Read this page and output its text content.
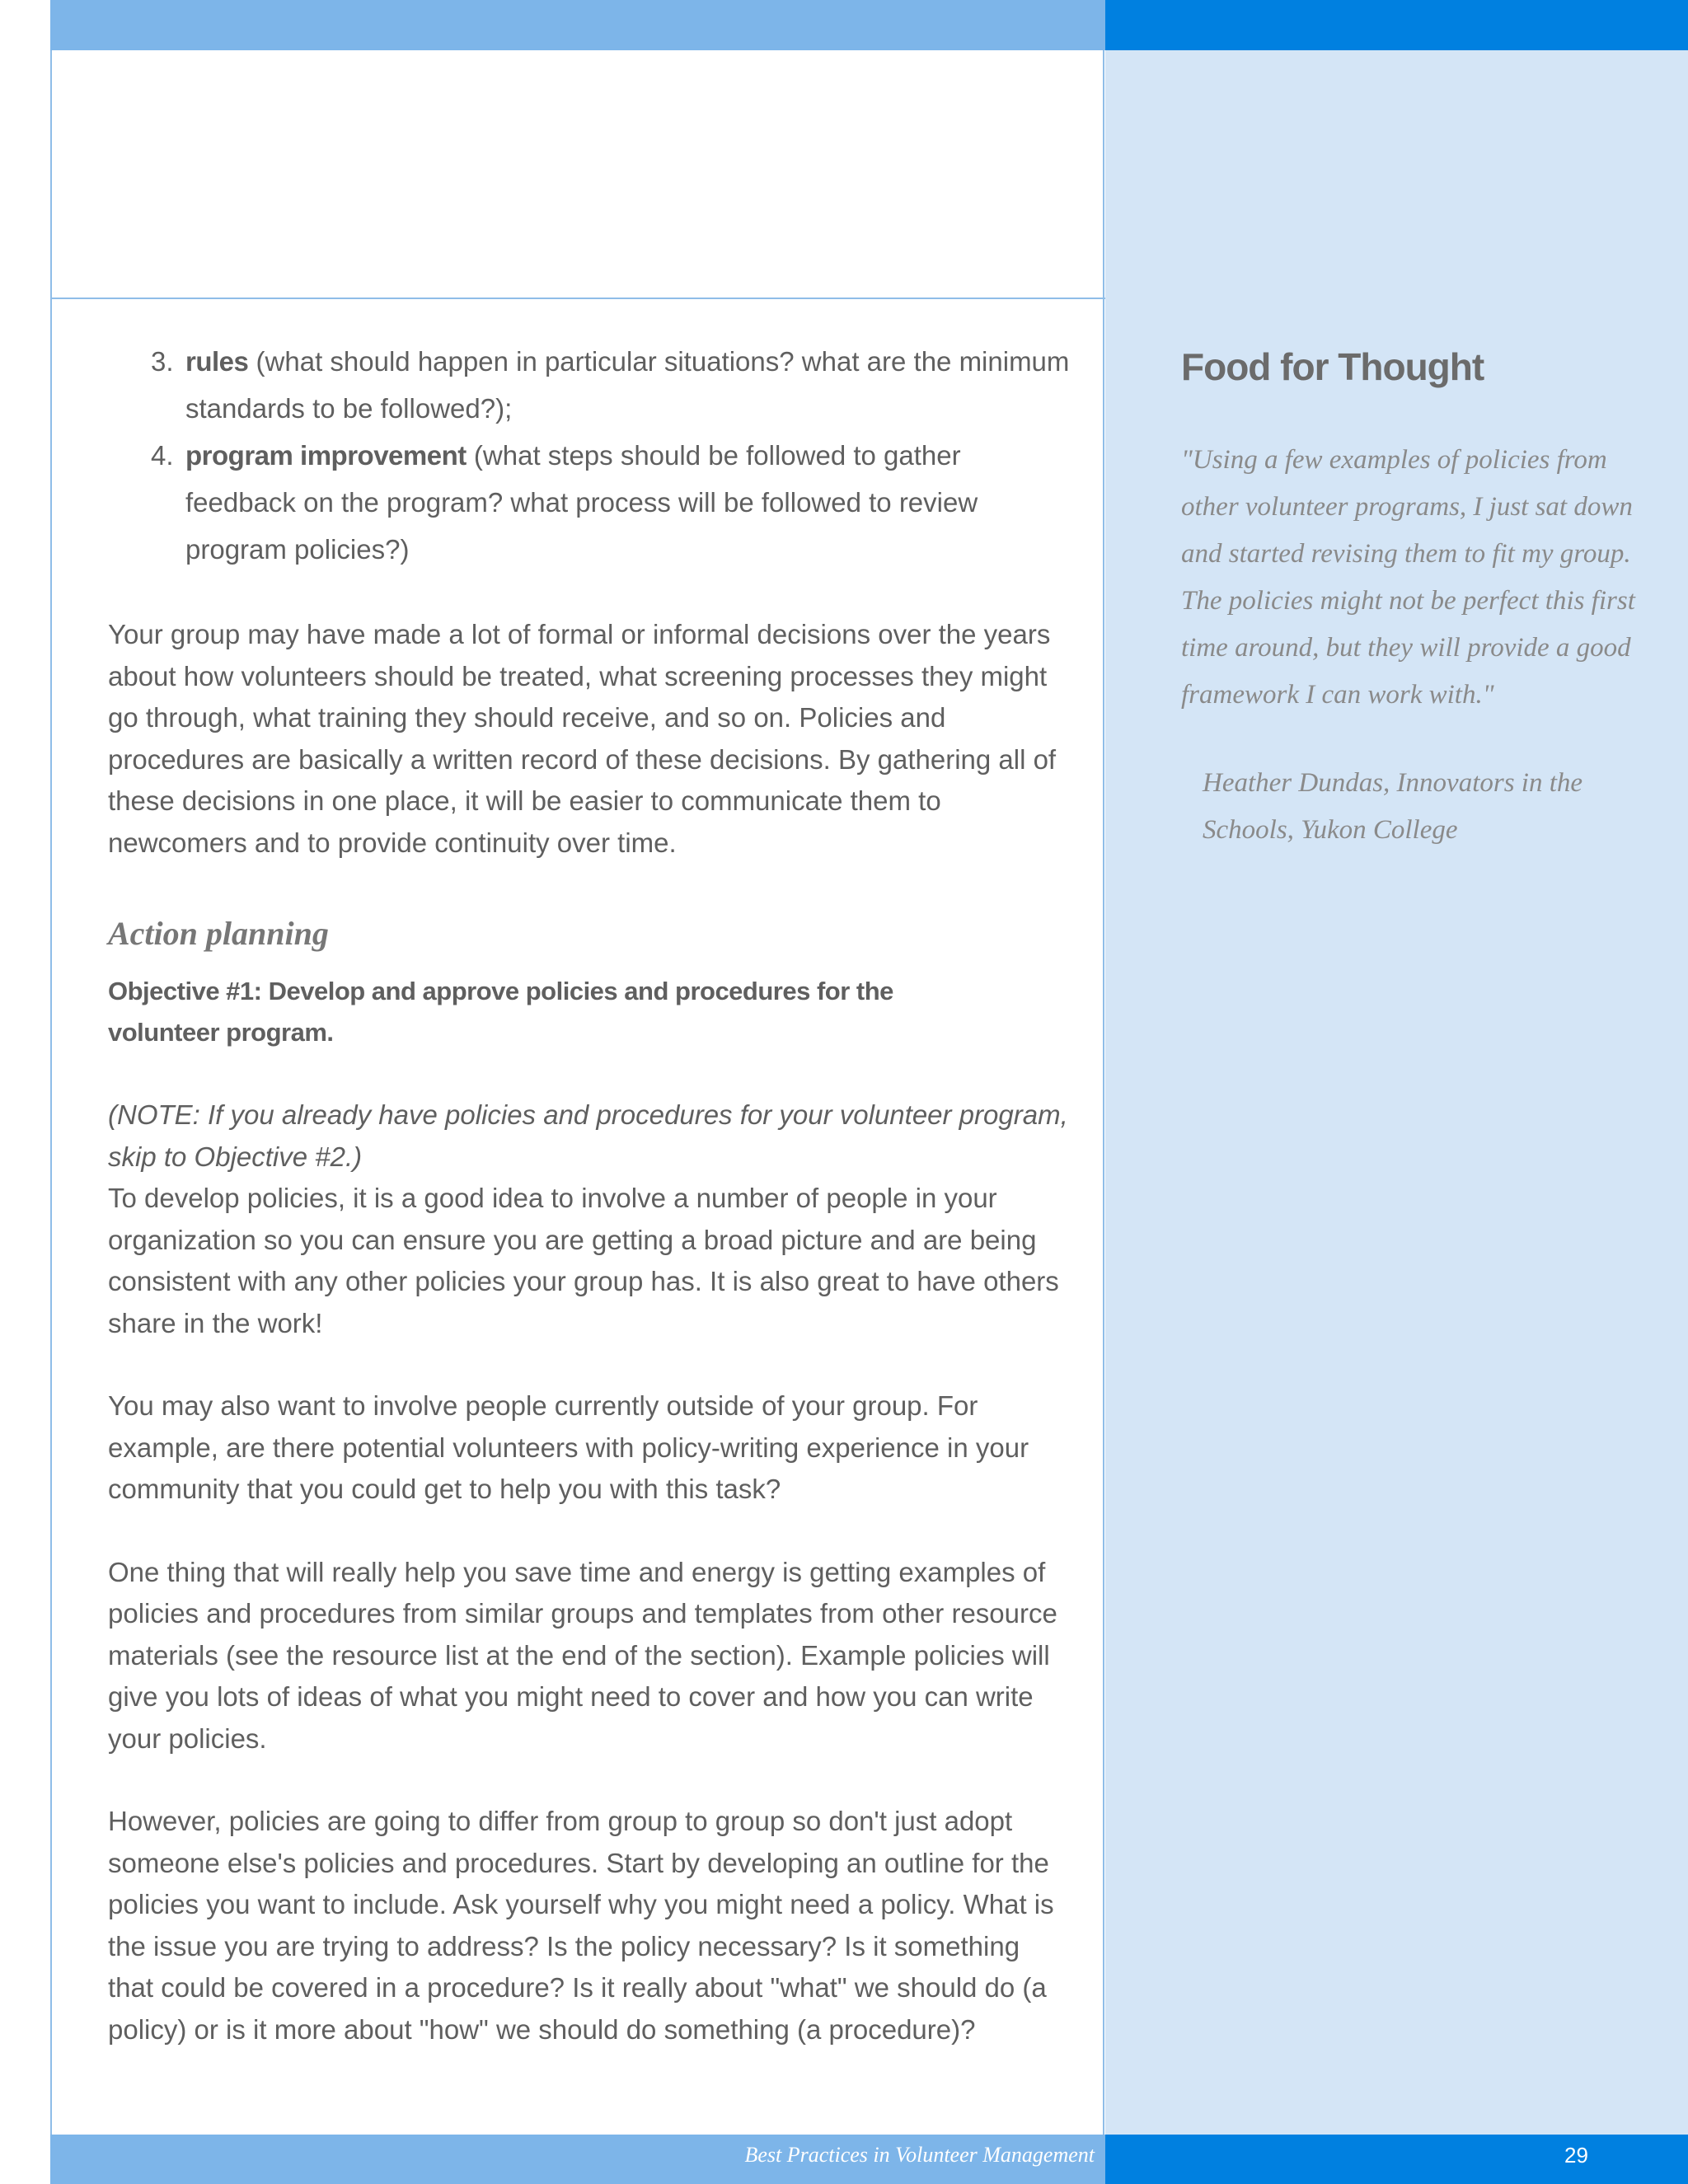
3. rules (what should happen in particular situations? what are the minimum standards to be followed?);
4. program improvement (what steps should be followed to gather feedback on the program? what process will be followed to review program policies?)

Your group may have made a lot of formal or informal decisions over the years about how volunteers should be treated, what screening processes they might go through, what training they should receive, and so on. Policies and procedures are basically a written record of these decisions. By gathering all of these decisions in one place, it will be easier to communicate them to newcomers and to provide continuity over time.

Action planning

Objective #1: Develop and approve policies and procedures for the volunteer program.

(NOTE: If you already have policies and procedures for your volunteer program, skip to Objective #2.)

To develop policies, it is a good idea to involve a number of people in your organization so you can ensure you are getting a broad picture and are being consistent with any other policies your group has. It is also great to have others share in the work!

You may also want to involve people currently outside of your group. For example, are there potential volunteers with policy-writing experience in your community that you could get to help you with this task?

One thing that will really help you save time and energy is getting examples of policies and procedures from similar groups and templates from other resource materials (see the resource list at the end of the section). Example policies will give you lots of ideas of what you might need to cover and how you can write your policies.

However, policies are going to differ from group to group so don't just adopt someone else's policies and procedures. Start by developing an outline for the policies you want to include. Ask yourself why you might need a policy. What is the issue you are trying to address? Is the policy necessary? Is it something that could be covered in a procedure? Is it really about "what" we should do (a policy) or is it more about "how" we should do something (a procedure)?

Food for Thought

"Using a few examples of policies from other volunteer programs, I just sat down and started revising them to fit my group. The policies might not be perfect this first time around, but they will provide a good framework I can work with."

Heather Dundas, Innovators in the Schools, Yukon College

Best Practices in Volunteer Management	29
